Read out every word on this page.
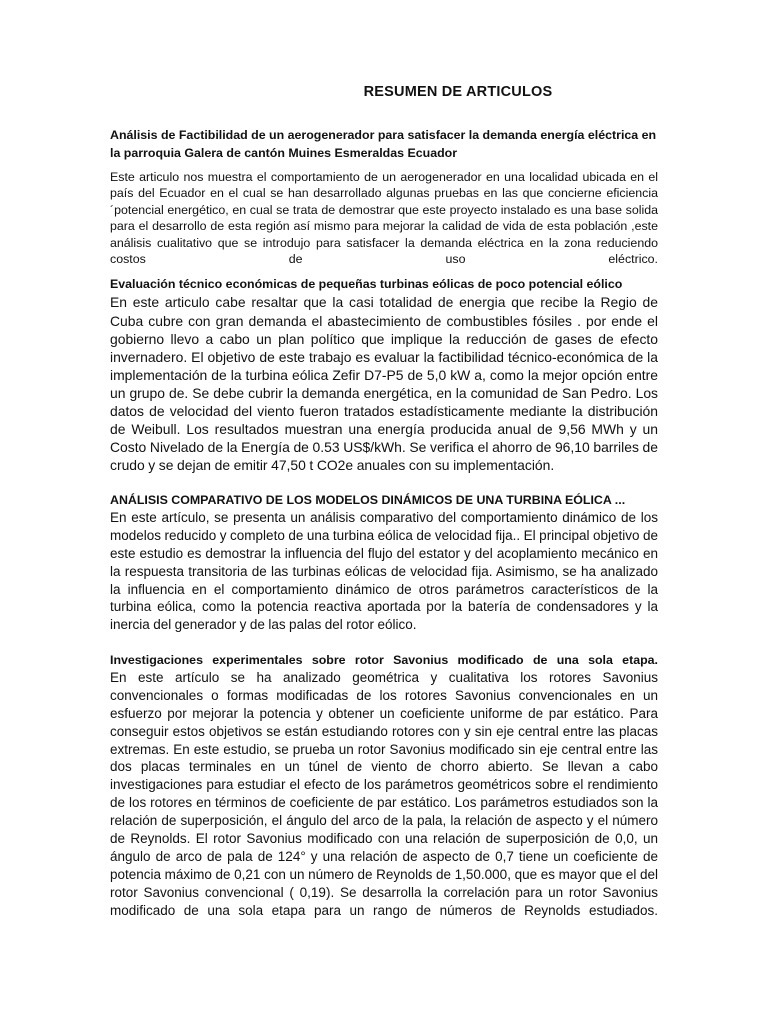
RESUMEN DE ARTICULOS

Análisis de Factibilidad de un aerogenerador para satisfacer la demanda energía eléctrica en la parroquia Galera de cantón Muines Esmeraldas Ecuador

Este articulo nos muestra el comportamiento de un aerogenerador en una localidad ubicada en el país del Ecuador en el cual se han desarrollado algunas pruebas en las que concierne eficiencia ´potencial energético, en cual se trata de demostrar que este proyecto instalado es una base solida para el desarrollo de esta región así mismo para mejorar la calidad de vida de esta población ,este análisis cualitativo que se introdujo para satisfacer la demanda eléctrica en la zona reduciendo costos de uso eléctrico.

Evaluación técnico económicas de pequeñas turbinas eólicas de poco potencial eólico

En este articulo cabe resaltar que la casi totalidad de energia que recibe la Regio de Cuba cubre con gran demanda el abastecimiento de combustibles fósiles . por ende el gobierno llevo a cabo un plan político que implique la reducción de gases de efecto invernadero. El objetivo de este trabajo es evaluar la factibilidad técnico-económica de la implementación de la turbina eólica Zefir D7-P5 de 5,0 kW a, como la mejor opción entre un grupo de. Se debe cubrir la demanda energética, en la comunidad de San Pedro. Los datos de velocidad del viento fueron tratados estadísticamente mediante la distribución de Weibull. Los resultados muestran una energía producida anual de 9,56 MWh y un Costo Nivelado de la Energía de 0.53 US$/kWh. Se verifica el ahorro de 96,10 barriles de crudo y se dejan de emitir 47,50 t CO2e anuales con su implementación.

ANÁLISIS COMPARATIVO DE LOS MODELOS DINÁMICOS DE UNA TURBINA EÓLICA ...

En este artículo, se presenta un análisis comparativo del comportamiento dinámico de los modelos reducido y completo de una turbina eólica de velocidad fija.. El principal objetivo de este estudio es demostrar la influencia del flujo del estator y del acoplamiento mecánico en la respuesta transitoria de las turbinas eólicas de velocidad fija. Asimismo, se ha analizado la influencia en el comportamiento dinámico de otros parámetros característicos de la turbina eólica, como la potencia reactiva aportada por la batería de condensadores y la inercia del generador y de las palas del rotor eólico.

Investigaciones experimentales sobre rotor Savonius modificado de una sola etapa.

En este artículo se ha analizado geométrica y cualitativa los rotores Savonius convencionales o formas modificadas de los rotores Savonius convencionales en un esfuerzo por mejorar la potencia y obtener un coeficiente uniforme de par estático. Para conseguir estos objetivos se están estudiando rotores con y sin eje central entre las placas extremas. En este estudio, se prueba un rotor Savonius modificado sin eje central entre las dos placas terminales en un túnel de viento de chorro abierto. Se llevan a cabo investigaciones para estudiar el efecto de los parámetros geométricos sobre el rendimiento de los rotores en términos de coeficiente de par estático. Los parámetros estudiados son la relación de superposición, el ángulo del arco de la pala, la relación de aspecto y el número de Reynolds. El rotor Savonius modificado con una relación de superposición de 0,0, un ángulo de arco de pala de 124° y una relación de aspecto de 0,7 tiene un coeficiente de potencia máximo de 0,21 con un número de Reynolds de 1,50.000, que es mayor que el del rotor Savonius convencional ( 0,19). Se desarrolla la correlación para un rotor Savonius modificado de una sola etapa para un rango de números de Reynolds estudiados.
